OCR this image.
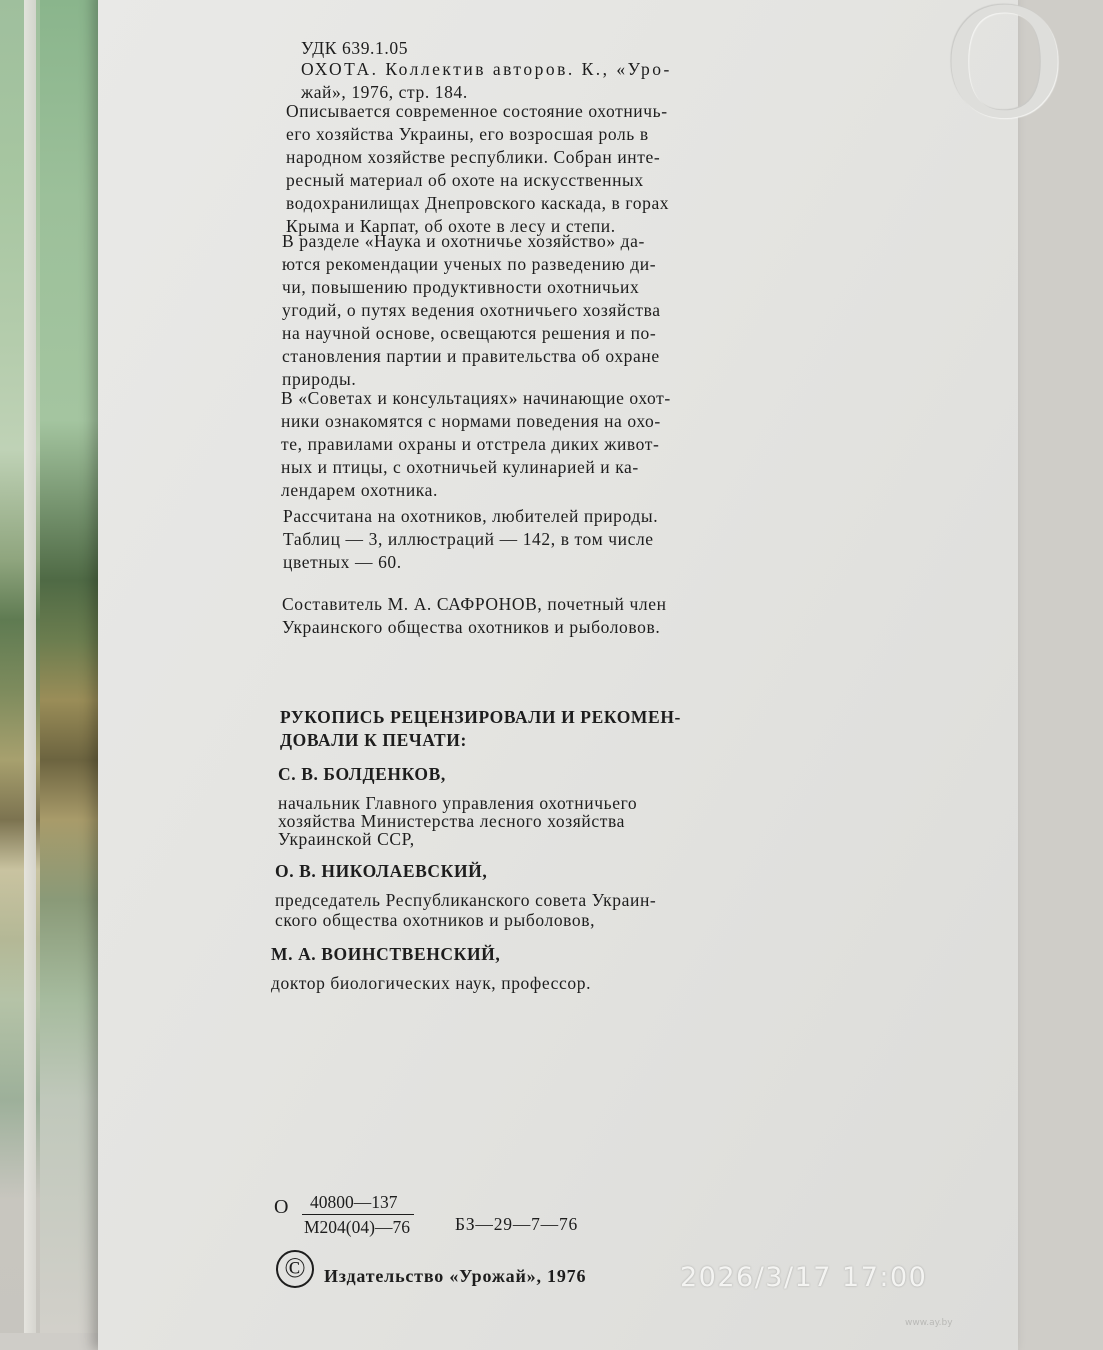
O
УДК 639.1.05
ОХОТА. Коллектив авторов. К., «Уро-
жай», 1976, стр. 184.
Описывается современное состояние охотничь-
его хозяйства Украины, его возросшая роль в
народном хозяйстве республики. Собран инте-
ресный материал об охоте на искусственных
водохранилищах Днепровского каскада, в горах
Крыма и Карпат, об охоте в лесу и степи.
В разделе «Наука и охотничье хозяйство» да-
ются рекомендации ученых по разведению ди-
чи, повышению продуктивности охотничьих
угодий, о путях ведения охотничьего хозяйства
на научной основе, освещаются решения и по-
становления партии и правительства об охране
природы.
В «Советах и консультациях» начинающие охот-
ники ознакомятся с нормами поведения на охо-
те, правилами охраны и отстрела диких живот-
ных и птицы, с охотничьей кулинарией и ка-
лендарем охотника.
Рассчитана на охотников, любителей природы.
Таблиц — 3, иллюстраций — 142, в том числе
цветных — 60.
Составитель М. А. САФРОНОВ, почетный член
Украинского общества охотников и рыболовов.
РУКОПИСЬ РЕЦЕНЗИРОВАЛИ И РЕКОМЕН-
ДОВАЛИ К ПЕЧАТИ:
С. В. БОЛДЕНКОВ,
начальник Главного управления охотничьего
хозяйства Министерства лесного хозяйства
Украинской ССР,
О. В. НИКОЛАЕВСКИЙ,
председатель Республиканского совета Украин-
ского общества охотников и рыболовов,
М. А. ВОИНСТВЕНСКИЙ,
доктор биологических наук, профессор.
О	40800—137
М204(04)—76	БЗ—29—7—76
©	Издательство «Урожай», 1976	2026/3/17 17:00
www.ay.by
